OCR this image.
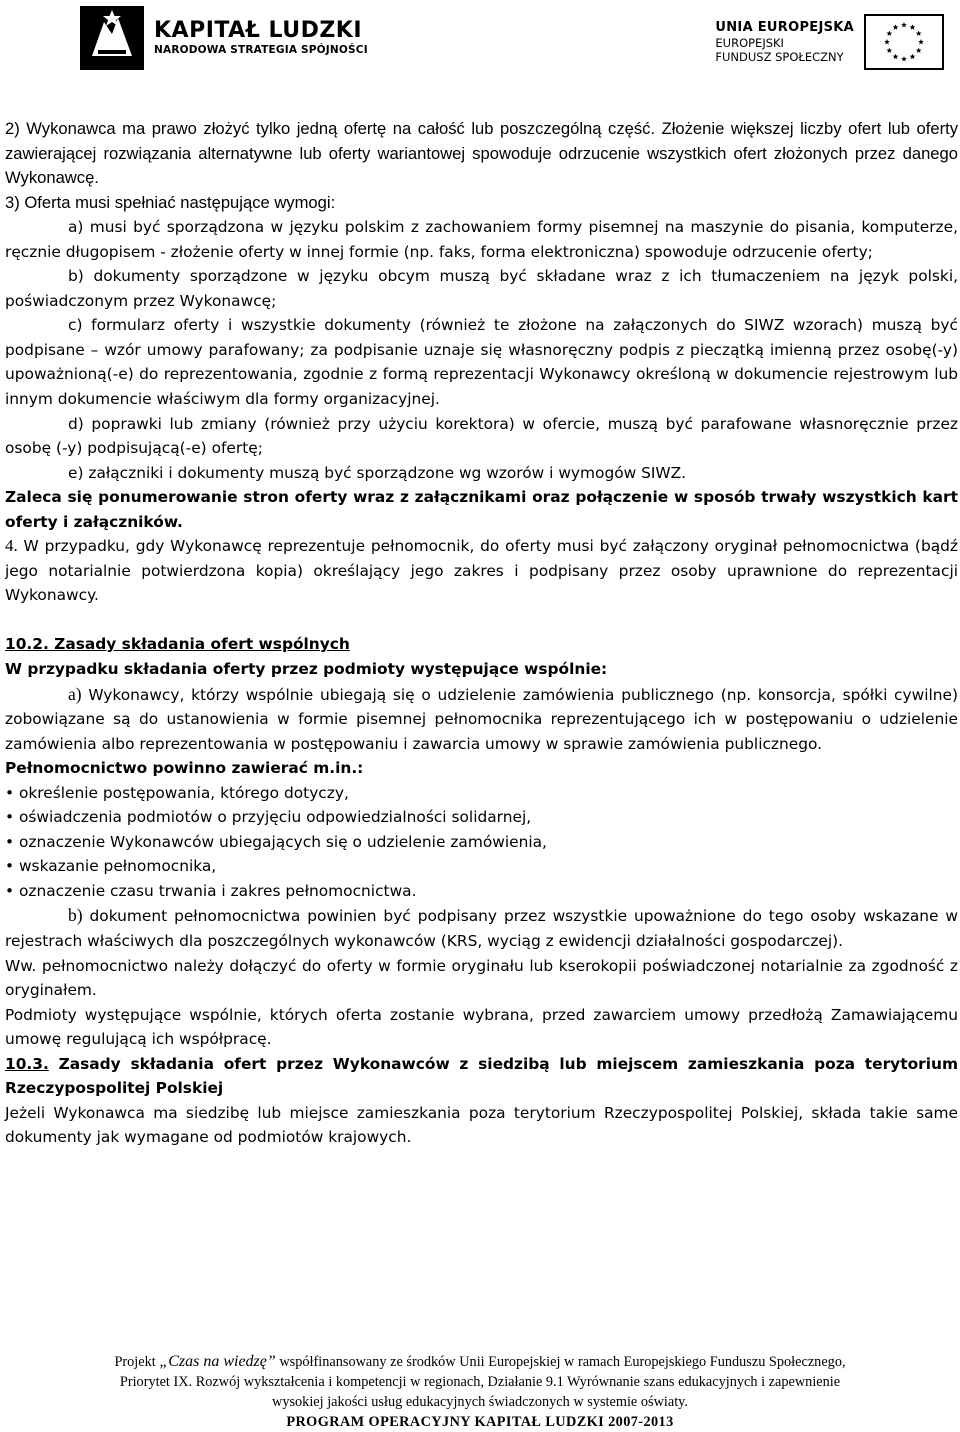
KAPITAŁ LUDZKI
NARODOWA STRATEGIA SPÓJNOŚCI
UNIA EUROPEJSKA
EUROPEJSKI
FUNDUSZ SPOŁECZNY

2) Wykonawca ma prawo złożyć tylko jedną ofertę na całość lub poszczególną część. Złożenie większej liczby ofert lub oferty zawierającej rozwiązania alternatywne lub oferty wariantowej spowoduje odrzucenie wszystkich ofert złożonych przez danego Wykonawcę.

3) Oferta musi spełniać następujące wymogi:

a) musi być sporządzona w języku polskim z zachowaniem formy pisemnej na maszynie do pisania, komputerze, ręcznie długopisem - złożenie oferty w innej formie (np. faks, forma elektroniczna) spowoduje odrzucenie oferty;

b) dokumenty sporządzone w języku obcym muszą być składane wraz z ich tłumaczeniem na język polski, poświadczonym przez Wykonawcę;

c) formularz oferty i wszystkie dokumenty (również te złożone na załączonych do SIWZ wzorach) muszą być podpisane – wzór umowy parafowany; za podpisanie uznaje się własnoręczny podpis z pieczątką imienną przez osobę(-y) upoważnioną(-e) do reprezentowania, zgodnie z formą reprezentacji Wykonawcy określoną w dokumencie rejestrowym lub innym dokumencie właściwym dla formy organizacyjnej.

d) poprawki lub zmiany (również przy użyciu korektora) w ofercie, muszą być parafowane własnoręcznie przez osobę (-y) podpisującą(-e) ofertę;

e) załączniki i dokumenty muszą być sporządzone wg wzorów i wymogów SIWZ.

Zaleca się ponumerowanie stron oferty wraz z załącznikami oraz połączenie w sposób trwały wszystkich kart oferty i załączników.

4. W przypadku, gdy Wykonawcę reprezentuje pełnomocnik, do oferty musi być załączony oryginał pełnomocnictwa (bądź jego notarialnie potwierdzona kopia) określający jego zakres i podpisany przez osoby uprawnione do reprezentacji Wykonawcy.

10.2. Zasady składania ofert wspólnych

W przypadku składania oferty przez podmioty występujące wspólnie:

a) Wykonawcy, którzy wspólnie ubiegają się o udzielenie zamówienia publicznego (np. konsorcja, spółki cywilne) zobowiązane są do ustanowienia w formie pisemnej pełnomocnika reprezentującego ich w postępowaniu o udzielenie zamówienia albo reprezentowania w postępowaniu i zawarcia umowy w sprawie zamówienia publicznego.

Pełnomocnictwo powinno zawierać m.in.:

• określenie postępowania, którego dotyczy,

• oświadczenia podmiotów o przyjęciu odpowiedzialności solidarnej,

• oznaczenie Wykonawców ubiegających się o udzielenie zamówienia,

• wskazanie pełnomocnika,

• oznaczenie czasu trwania i zakres pełnomocnictwa.

b) dokument pełnomocnictwa powinien być podpisany przez wszystkie upoważnione do tego osoby wskazane w rejestrach właściwych dla poszczególnych wykonawców (KRS, wyciąg z ewidencji działalności gospodarczej).

Ww. pełnomocnictwo należy dołączyć do oferty w formie oryginału lub kserokopii poświadczonej notarialnie za zgodność z oryginałem.

Podmioty występujące wspólnie, których oferta zostanie wybrana, przed zawarciem umowy przedłożą Zamawiającemu umowę regulującą ich współpracę.

10.3. Zasady składania ofert przez Wykonawców z siedzibą lub miejscem zamieszkania poza terytorium Rzeczypospolitej Polskiej

Jeżeli Wykonawca ma siedzibę lub miejsce zamieszkania poza terytorium Rzeczypospolitej Polskiej, składa takie same dokumenty jak wymagane od podmiotów krajowych.

Projekt „Czas na wiedzę” współfinansowany ze środków Unii Europejskiej w ramach Europejskiego Funduszu Społecznego,
Priorytet IX. Rozwój wykształcenia i kompetencji w regionach, Działanie 9.1 Wyrównanie szans edukacyjnych i zapewnienie
wysokiej jakości usług edukacyjnych świadczonych w systemie oświaty.
PROGRAM OPERACYJNY KAPITAŁ LUDZKI 2007-2013
